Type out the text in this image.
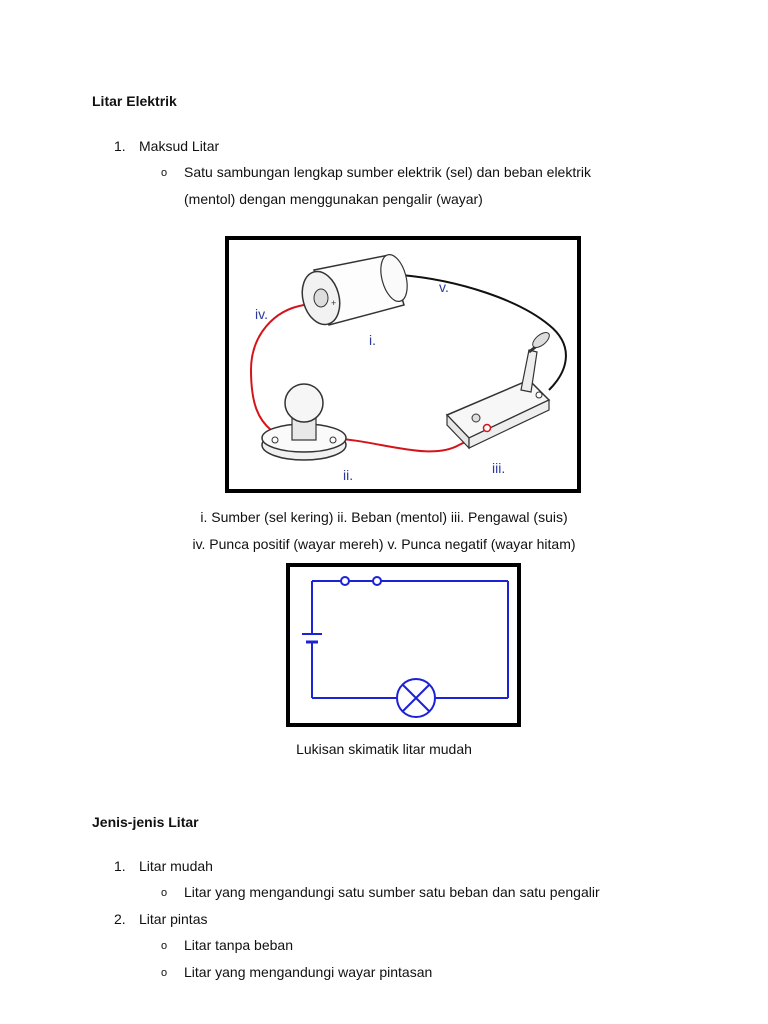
Litar Elektrik
1. Maksud Litar
o Satu sambungan lengkap sumber elektrik (sel) dan beban elektrik
(mentol) dengan menggunakan pengalir (wayar)
+
iv.
i.
v.
ii.	iii.
i. Sumber (sel kering) ii. Beban (mentol) iii. Pengawal (suis)
iv. Punca positif (wayar mereh) v. Punca negatif (wayar hitam)
Lukisan skimatik litar mudah
Jenis-jenis Litar
1. Litar mudah
o Litar yang mengandungi satu sumber satu beban dan satu pengalir
2. Litar pintas
o Litar tanpa beban
o Litar yang mengandungi wayar pintasan
